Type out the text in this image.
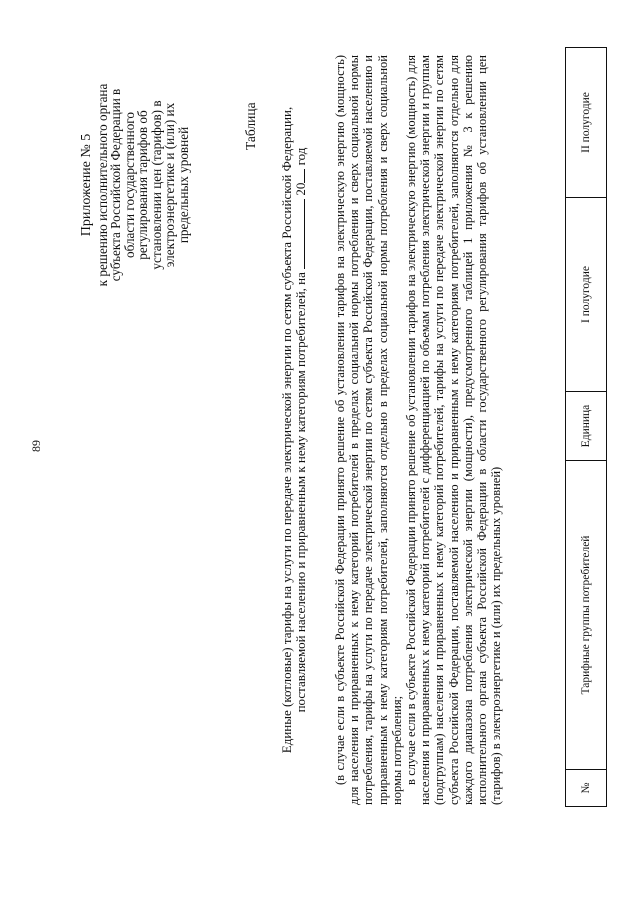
89
Приложение № 5 к решению исполнительного органа
субъекта Российской Федерации в
области государственного
регулирования тарифов об
установлении цен (тарифов) в
электроэнергетике и (или) их
предельных уровней
Таблица Единые (котловые) тарифы на услуги по передаче электрической энергии по сетям субъекта Российской Федерации,
поставляемой населению и приравненным к нему категориям потребителей, на  20 год (в случае если в субъекте Российской Федерации принято решение об установлении тарифов на электрическую энергию (мощность) для населения и приравненных к нему категорий потребителей в пределах социальной нормы потребления и сверх социальной нормы потребления, тарифы на услуги по передаче электрической энергии по сетям субъекта Российской Федерации, поставляемой населению и приравненным к нему категориям потребителей, заполняются отдельно в пределах социальной нормы потребления и сверх социальной нормы потребления; в случае если в субъекте Российской Федерации принято решение об установлении тарифов на электрическую энергию (мощность) для населения и приравненных к нему категорий потребителей с дифференциацией по объемам потребления электрической энергии и группам (подгруппам) населения и приравненных к нему категорий потребителей, тарифы на услуги по передаче электрической энергии по сетям субъекта Российской Федерации, поставляемой населению и приравненным к нему категориям потребителей, заполняются отдельно для каждого диапазона потребления электрической энергии (мощности), предусмотренного таблицей 1 приложения № 3 к решению исполнительного органа субъекта Российской Федерации в области государственного регулирования тарифов об установлении цен (тарифов) в электроэнергетике и (или) их предельных уровней)	№	Тарифные группы потребителей	Единица	I полугодие	II полугодие
